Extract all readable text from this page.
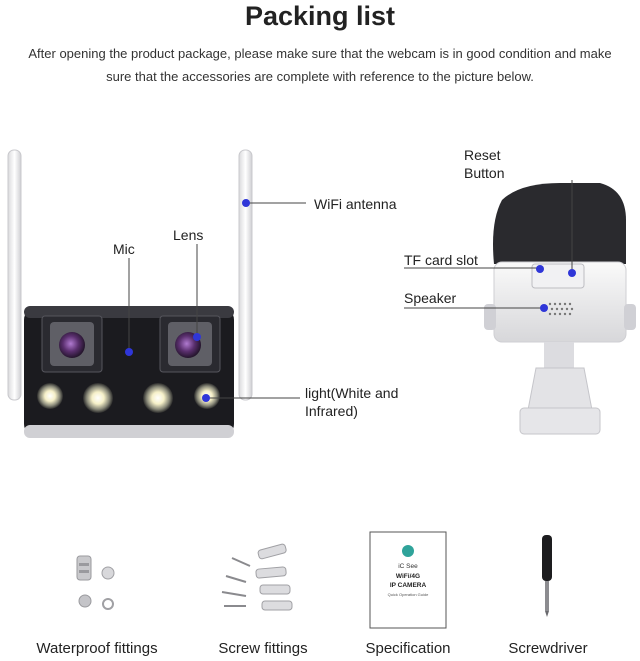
Packing list
After opening the product package, please make sure that the webcam is in good condition and make
sure that the accessories are complete with reference to the picture below.
iC See
WiFi/4G
IP CAMERA
Quick Operation Guide
Mic
Lens
WiFi antenna
light(White and
Infrared)
Reset
Button
TF card slot
Speaker
Waterproof fittings	Screw fittings	Specification	Screwdriver
